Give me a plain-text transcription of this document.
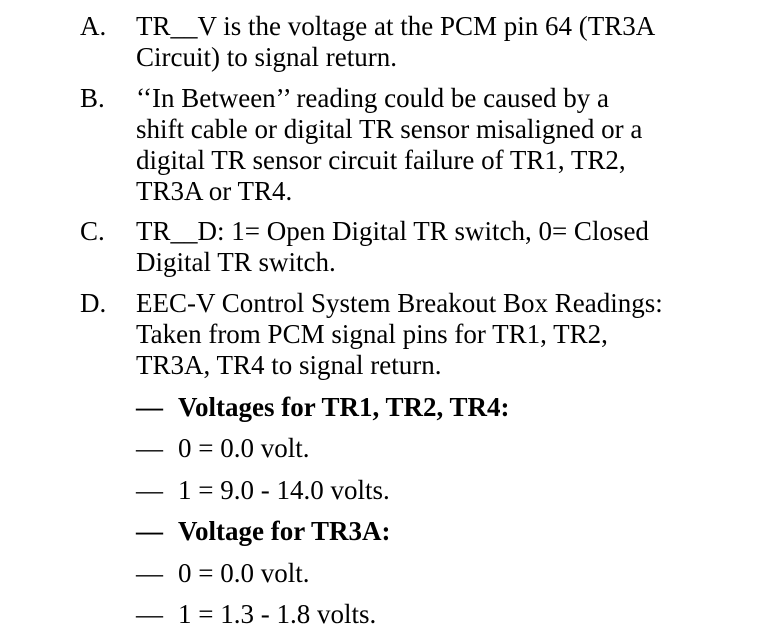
A.	TR__V is the voltage at the PCM pin 64 (TR3A
Circuit) to signal return.
B.	‘‘In Between’’ reading could be caused by a
shift cable or digital TR sensor misaligned or a
digital TR sensor circuit failure of TR1, TR2,
TR3A or TR4.
C.	TR__D: 1= Open Digital TR switch, 0= Closed
Digital TR switch.
D.	EEC-V Control System Breakout Box Readings:
Taken from PCM signal pins for TR1, TR2,
TR3A, TR4 to signal return.
— Voltages for TR1, TR2, TR4:
— 0 = 0.0 volt.
— 1 = 9.0 - 14.0 volts.
— Voltage for TR3A:
— 0 = 0.0 volt.
— 1 = 1.3 - 1.8 volts.
